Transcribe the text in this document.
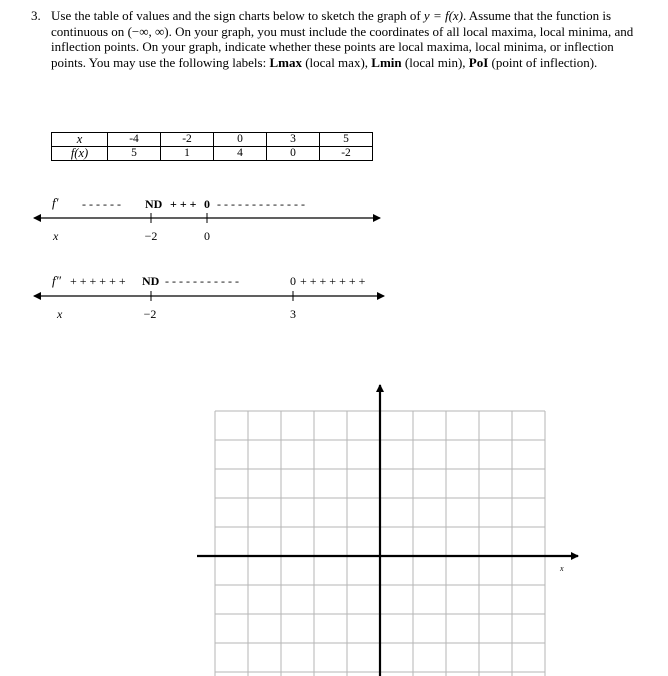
3. Use the table of values and the sign charts below to sketch the graph of y = f(x). Assume that the function is continuous on (−∞, ∞). On your graph, you must include the coordinates of all local maxima, local minima, and inflection points. On your graph, indicate whether these points are local maxima, local minima, or inflection points. You may use the following labels: Lmax (local max), Lmin (local min), PoI (point of inflection).

x	-4	-2	0	3	5
f(x)	5	1	4	0	-2
f′ - - - - - - ND + + + 0 - - - - - - - - - - - - -
x	−2	0
f″ + + + + + + ND - - - - - - - - - - -	0 + + + + + + +
x	−2	3
x
